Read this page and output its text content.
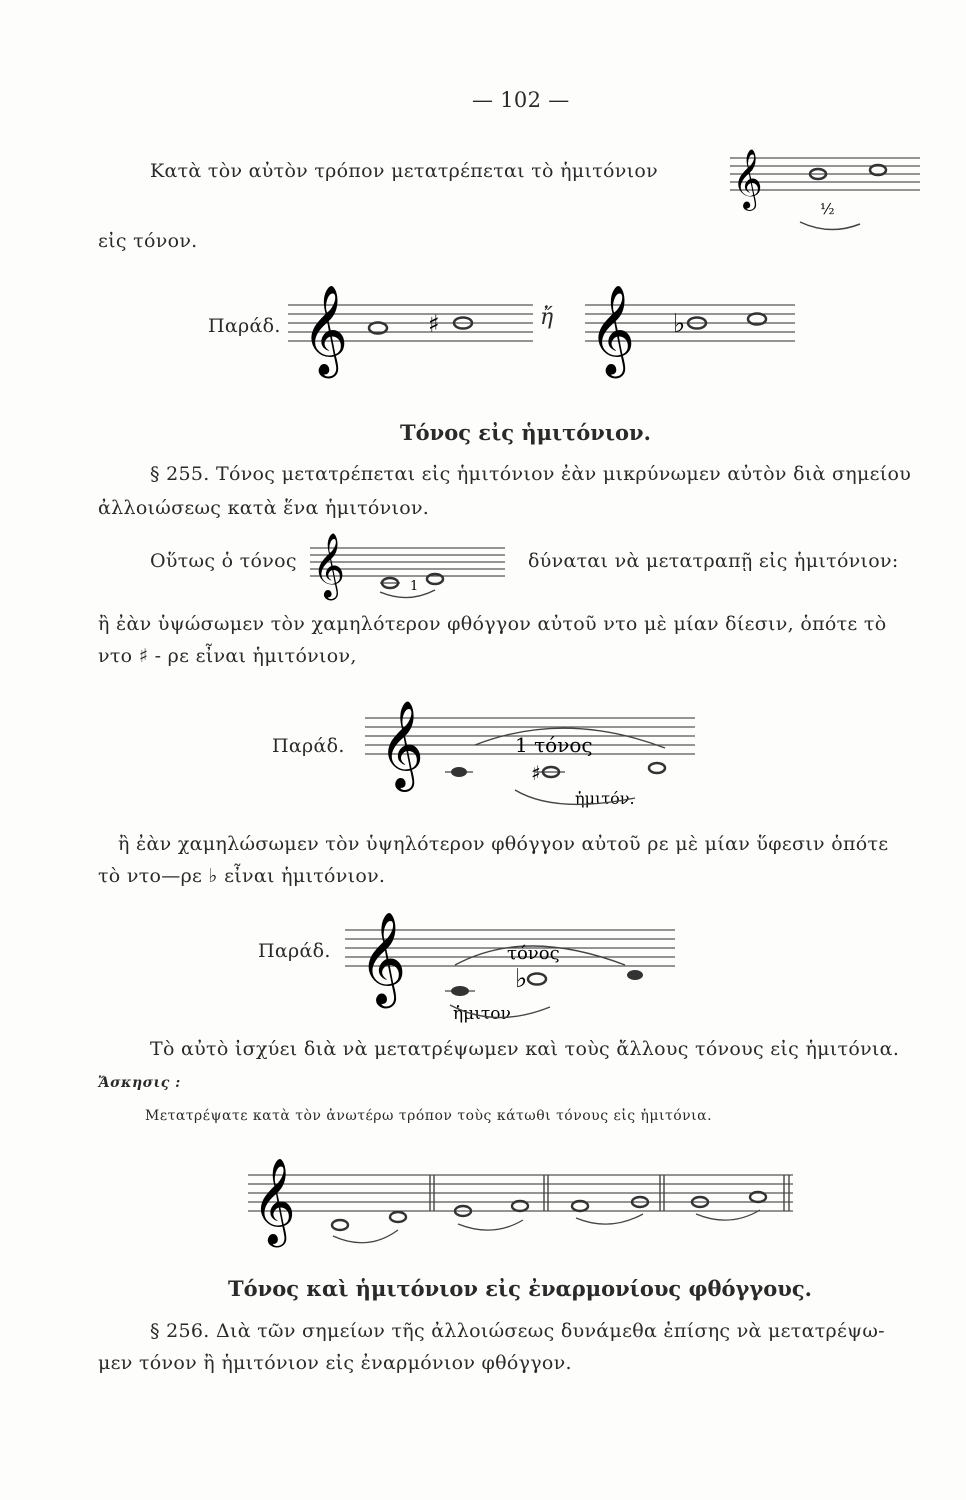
— 102 —
Κατὰ τὸν αὐτὸν τρόπον μετατρέπεται τὸ ἡμιτόνιον
εἰς τόνον.
𝄞	½
Παράδ. 𝄞	♯	ἤ 𝄞 ♭
Τόνος εἰς ἡμιτόνιον.
§ 255. Τόνος μετατρέπεται εἰς ἡμιτόνιον ἐὰν μικρύνωμεν αὐτὸν διὰ σημείου
ἀλλοιώσεως κατὰ ἕνα ἡμιτόνιον.
Οὕτως ὁ τόνος 𝄞	1
δύναται νὰ μετατραπῇ εἰς ἡμιτόνιον:
ἢ ἐὰν ὑψώσωμεν τὸν χαμηλότερον φθόγγον αὐτοῦ ντο μὲ μίαν δίεσιν, ὁπότε τὸ
ντο ♯ - ρε εἶναι ἡμιτόνιον,
Παράδ. 𝄞	1 τόνος
♯
ἡμιτόν.
ἢ ἐὰν χαμηλώσωμεν τὸν ὑψηλότερον φθόγγον αὐτοῦ ρε μὲ μίαν ὕφεσιν ὁπότε
τὸ ντο—ρε ♭ εἶναι ἡμιτόνιον.
Παράδ. 𝄞	τόνος
♭
ἡμιτον
Τὸ αὐτὸ ἰσχύει διὰ νὰ μετατρέψωμεν καὶ τοὺς ἄλλους τόνους εἰς ἡμιτόνια.
Ἄσκησις :
Μετατρέψατε κατὰ τὸν ἀνωτέρω τρόπον τοὺς κάτωθι τόνους εἰς ἡμιτόνια.
𝄞
Τόνος καὶ ἡμιτόνιον εἰς ἐναρμονίους φθόγγους.
§ 256. Διὰ τῶν σημείων τῆς ἀλλοιώσεως δυνάμεθα ἐπίσης νὰ μετατρέψω-
μεν τόνον ἢ ἡμιτόνιον εἰς ἐναρμόνιον φθόγγον.
